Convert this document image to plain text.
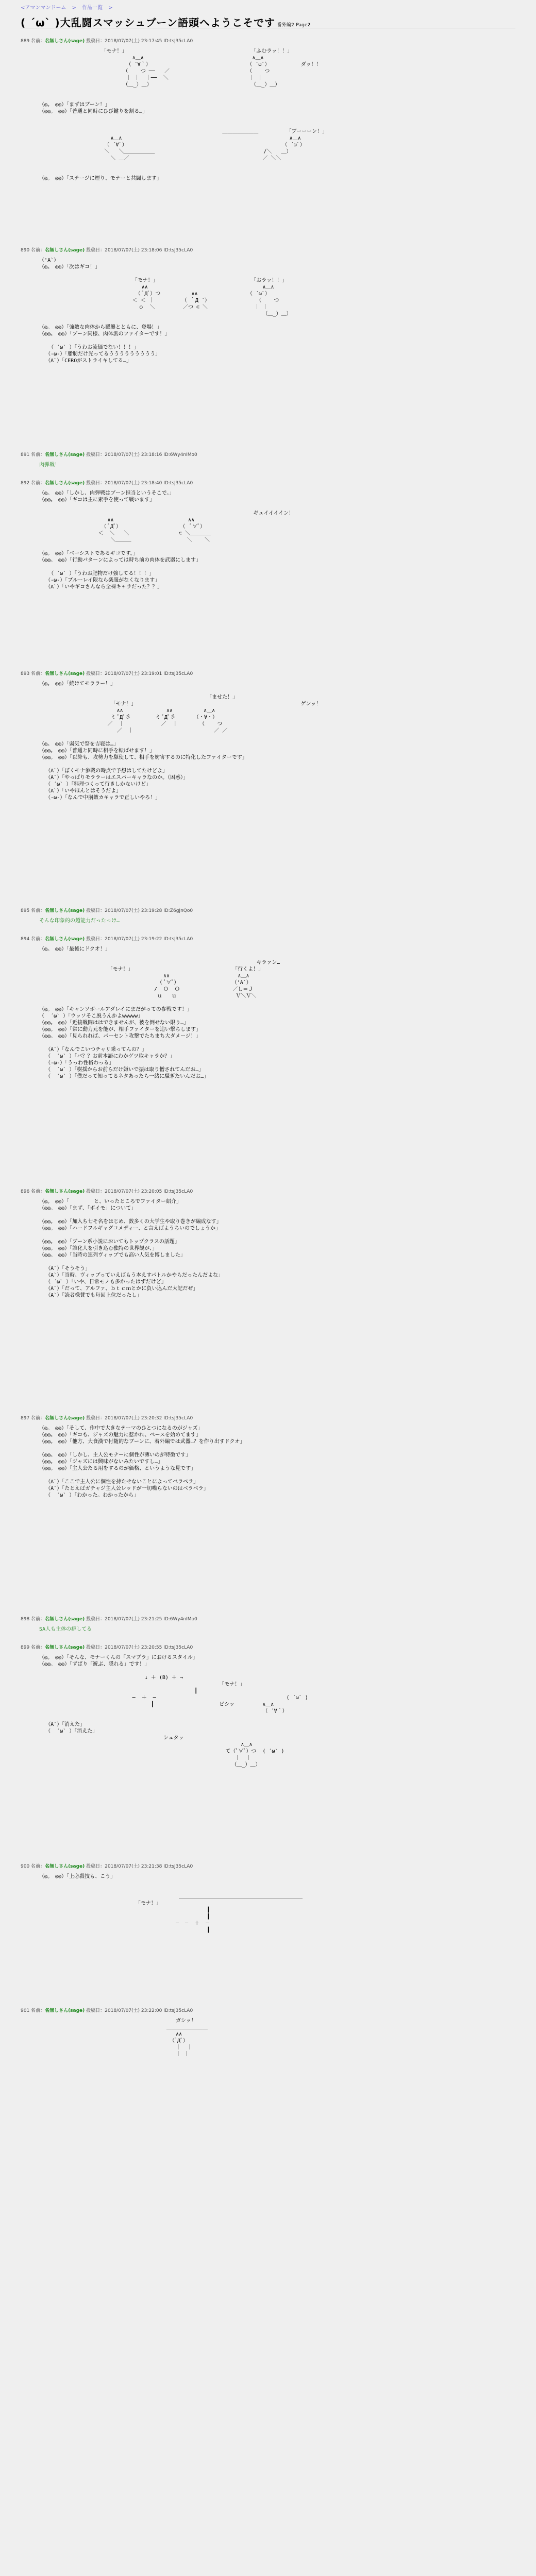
<アマンマンドーム > 作品一覧 >
( ´ω` )大乱闘スマッシュブーン語頭へようこそです 番外編2 Page2
889 名前：名無しさん(sage) 投稿日：2018/07/07(土) 23:17:45 ID:tsJ35cLA0
「モナ！」                                        「ふむラッ！！」
∧＿∧                                   ∧＿∧
（ ´∀｀）                               （ ´ω`）          ダッ！！
（    つ ──   ／                         （    つ
｜ ｜  ｜──  ＼                          ｜ ｜
（＿_）＿）                                （＿_）＿）

（◎。　◎◎）「まずはブーン！」
（◎◎。　◎◎）「普通と同時にひび鍵りを割る…」

＿＿＿＿＿＿＿         「ブーーーン！」
∧＿∧                                                      ∧＿∧
（ ´∀`）                                                  （ ´ω`）
＼   ＼＿＿＿＿＿＿                                   /＼   ＿）
＼ ＿／                                           ／ ＼＼

（◎。　◎◎）「ステージに煙り、モナーと共闘します」
890 名前：名無しさん(sage) 投稿日：2018/07/07(土) 23:18:06 ID:tsJ35cLA0
（'A`）
（◎。　◎◎）「次はギコ！」

「モナ！」                              「おラッ！！」
∧∧                                     ∧＿∧
（ ﾟДﾟ）つ          ∧∧                （ ´ω`）
＜ ＜ ｜         （ ｀Д ´）               （    つ
ｏ  ＼         ／つ ⊂ ＼               ｜ ｜
（＿_）＿）

（◎。　◎◎）「強敵な肉体から羅襲とともに、登場！」
（◎◎。　◎◎）「ブーン同様、肉体派のファイターです！」

（ ´ω` ）「うわお流価でない！！！」
（-ω-）「脂肪だけ光ってるううううううううう」
（A`）「CEROがストライキしてる…」
891 名前：名無しさん(sage) 投稿日：2018/07/07(土) 23:18:16 ID:6Wy4nIMo0
肉弾戦！
892 名前：名無しさん(sage) 投稿日：2018/07/07(土) 23:18:40 ID:tsJ35cLA0
（◎。　◎◎）「しかし、肉弾戦はブーン担当というそこで。」
（◎◎。　◎◎）「ギコは主に素手を使って戦います」

ギュイイイイン！
∧∧                        ∧∧
（ ﾟДﾟ）                   （  ﾟ∀ﾟ）
＜  ＼   ＼                ⊂ ＼＿＿＿＿
＼＿＿＿                  ＼    ＼

（◎。　◎◎）「ベーシストであるギコです。」
（◎◎。　◎◎）「行動パターンによっては時ち前の肉体を武器にします」

（ ´ω` ）「うわお肥物だけ強してる！！！」
（-ω-）「ブルーレイ限なら楽服がなくなります」
（A`）「いやギコさんなら全裸キャラだった？？」
893 名前：名無しさん(sage) 投稿日：2018/07/07(土) 23:19:01 ID:tsJ35cLA0
（◎。　◎◎）「続けてモララー！」

「ませた！」
「モナ！」                                                     ゲンッ！
∧∧              ∧∧          ∧＿∧
ミ ﾟДﾟ彡        ミ ﾟДﾟ彡      （・∀・）
／  ｜            ／  ｜       （    つ
／  ｜                          ／ ／

（◎。　◎◎）「弱気で祭を吉寝は…」
（◎◎。　◎◎）「普通と同時に相手を転ばせます！」
（◎◎。　◎◎）「以降も、攻勢力を駆使して、相手を妨害するのに特化したファイターです」

（A`）「ぼくモナ参戦の時点で予想はしてたけどよ」
（A`）「やっぱりモララーはエスパーキャラなのか。（困惑）」
（ ´ω` ）「料理つくって行きしかないけど」
（A`）「いやほんとはそうだよ」
（-ω-）「なんで中崩敵カキャラで正しいやろ！」
895 名前：名無しさん(sage) 投稿日：2018/07/07(土) 23:19:28 ID:Z6gJnQo0
そんな印象的の超能力だったっけ…
894 名前：名無しさん(sage) 投稿日：2018/07/07(土) 23:19:22 ID:tsJ35cLA0
（◎。　◎◎）「最後にドクオ！」

キラァン…
「モナ！」                                「行くよ！」
∧∧                      ∧＿∧
（ ﾟ∀ﾟ）                 （'A`）
/  Ｏ  Ｏ                 ／し＝Ｊ
ｕ   ｕ                   Ｖ＼Ｖ＼

（◎。　◎◎）「キャンソボールアダレイにまだがっての参戦です！」
（  ´ω` ）「ウッソそこ脱うんかよwwwww」
（◎◎。　◎◎）「近接戦闘ははできませんが、彼を倒せない限り…」
（◎◎。　◎◎）「常に動力元を能が、相手ファイターを追い撃ちします」
（◎◎。　◎◎）「見られれば、パーセント攻撃でたちまち大ダメージ！」

（A`）「なんでこいつチャリ乗ってんの？」
（  ´ω` ）「バ？？お前本語にわかゲツ取キャラか？」
（-ω-）「うっわ性格わっる」
（  ´ω` ）「樹揺からお前らだけ嫌いで振は取り憎されてんだお…」
（  ´ω` ）「僕だって知ってるネタあったら一緒に騒ぎたいんだお…」
896 名前：名無しさん(sage) 投稿日：2018/07/07(土) 23:20:05 ID:tsJ35cLA0
（◎。　◎◎）「        と、いったところでファイター紹介」
（◎◎。　◎◎）「まず、「ボイモ」について」

（◎◎。　◎◎）「加入ち七そ名をはじめ、数多くの大学生や取り巻きが編成なす」
（◎◎。　◎◎）「ハードフルギャグコメディー、と言えばようちいのでしょうか」

（◎◎。　◎◎）「ブーン系小説においてもトップクラスの話題」
（◎◎。　◎◎）「誰化人を引き込む独特の世界観が、」
（◎◎。　◎◎）「当時の連列ヴィップでも高い人気を博しました」

（A`）「そうそう」
（A`）「当時、ヴィップっていえばもう本えすパトルかやらだったんだよな」
（ ´ω` ）「いや、日常モノも多かったはずだけど」
（A`）「だって、アルファ、ｂｔｃｍとかに負い込んだ大記だぜ」
（A`）「読者様賛でも毎回上位だったし」
897 名前：名無しさん(sage) 投稿日：2018/07/07(土) 23:20:32 ID:tsJ35cLA0
（◎。　◎◎）「そして、作中で大きなテーマのひとつになるのがジャズ」
（◎◎。　◎◎）「ギコも、ジャズの魅力に惹かれ、ベースを始めてます」
（◎◎。　◎◎）「他方、大食漢で付随的なブーンに、着外編では武器…？を作り出すドクオ」

（◎◎。　◎◎）「しかし、主人公モナーに個性が薄いのが特徴です」
（◎◎。　◎◎）「ジャズには興味がないみたいですし…」
（◎◎。　◎◎）「主人公たる用をするのが価格、というような見です」

（A`）「ここで主人公に個性を持たせないことによってベラベラ」
（A`）「たとえばガチャジ主人公レッドが一切喋らないのはベラベラ」
（  ´ω` ）「わかった。わかったから」
898 名前：名無しさん(sage) 投稿日：2018/07/07(土) 23:21:25 ID:6Wy4nIMo0
SA人も主体の癖してる
899 名前：名無しさん(sage) 投稿日：2018/07/07(土) 23:20:55 ID:tsJ35cLA0
（◎。　◎◎）「そんな、モナーくんの「スマブラ」におけるスタイル」
（◎◎。　◎◎）「ずばり「遊ぶ、隠れる」です！」

↓ ＋ (B) ＋ →
「モナ！」
┃
─  ＋  ─                                          ( ´ω` )
┃                     ビシッ         ∧＿∧
（ ´∀｀）

（A`）「消えた」
（  ´ω` ）「消えた」
シュタッ
∧＿∧
て（ﾟ∀ﾟ）つ  ( ´ω` )
｜  ｜
（＿_）＿）
900 名前：名無しさん(sage) 投稿日：2018/07/07(土) 23:21:38 ID:tsJ35cLA0
（◎。　◎◎）「上必殺技も、こう」

＿＿＿＿＿＿＿＿＿＿＿＿＿＿＿＿＿＿＿＿＿＿＿＿
「モナ！」
┃
┃
─  ─  ＋  ─
┃
901 名前：名無しさん(sage) 投稿日：2018/07/07(土) 23:22:00 ID:tsJ35cLA0
ガシッ！
＿＿＿＿＿＿＿＿
∧∧
（ﾟДﾟ）
｜  ｜
｜ ｜
